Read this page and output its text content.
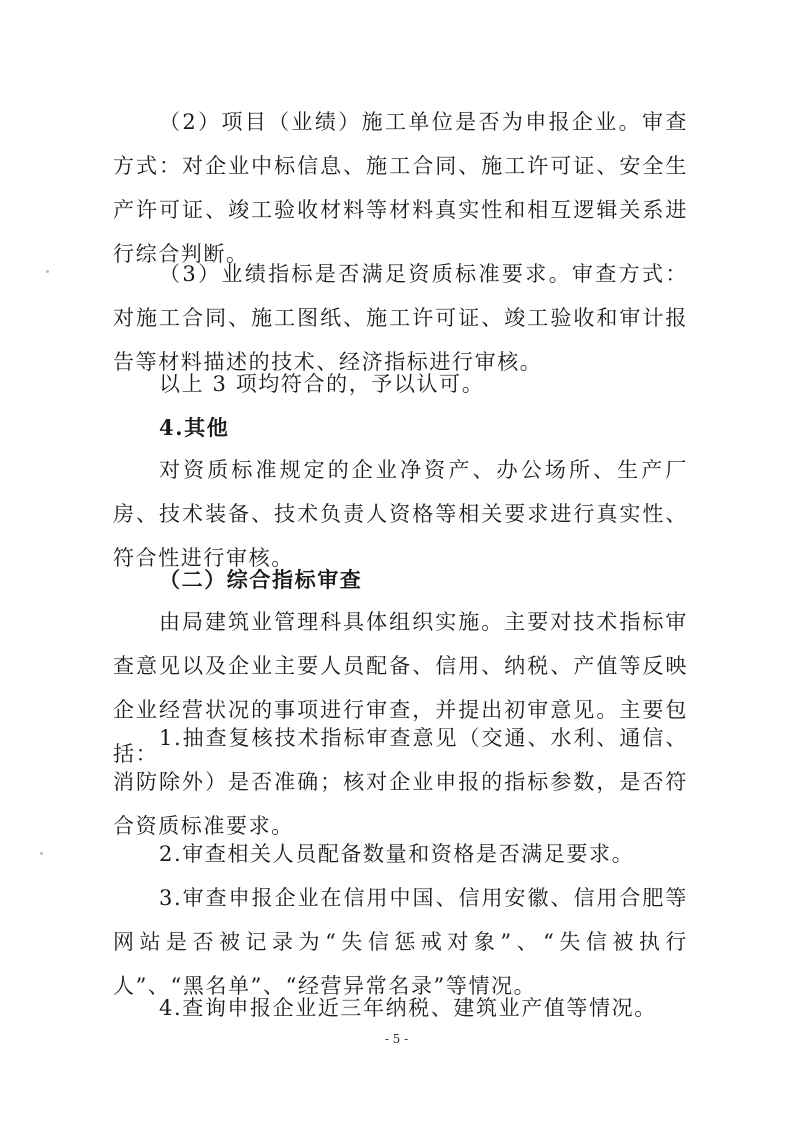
（2）项目（业绩）施工单位是否为申报企业。审查方式：对企业中标信息、施工合同、施工许可证、安全生产许可证、竣工验收材料等材料真实性和相互逻辑关系进行综合判断。

（3）业绩指标是否满足资质标准要求。审查方式：对施工合同、施工图纸、施工许可证、竣工验收和审计报告等材料描述的技术、经济指标进行审核。

以上 3 项均符合的，予以认可。

4.其他

对资质标准规定的企业净资产、办公场所、生产厂房、技术装备、技术负责人资格等相关要求进行真实性、符合性进行审核。

（二）综合指标审查

由局建筑业管理科具体组织实施。主要对技术指标审查意见以及企业主要人员配备、信用、纳税、产值等反映企业经营状况的事项进行审查，并提出初审意见。主要包括：

1.抽查复核技术指标审查意见（交通、水利、通信、消防除外）是否准确；核对企业申报的指标参数，是否符合资质标准要求。

2.审查相关人员配备数量和资格是否满足要求。

3.审查申报企业在信用中国、信用安徽、信用合肥等网站是否被记录为“失信惩戒对象”、“失信被执行人”、“黑名单”、“经营异常名录”等情况。

4.查询申报企业近三年纳税、建筑业产值等情况。

- 5 -
